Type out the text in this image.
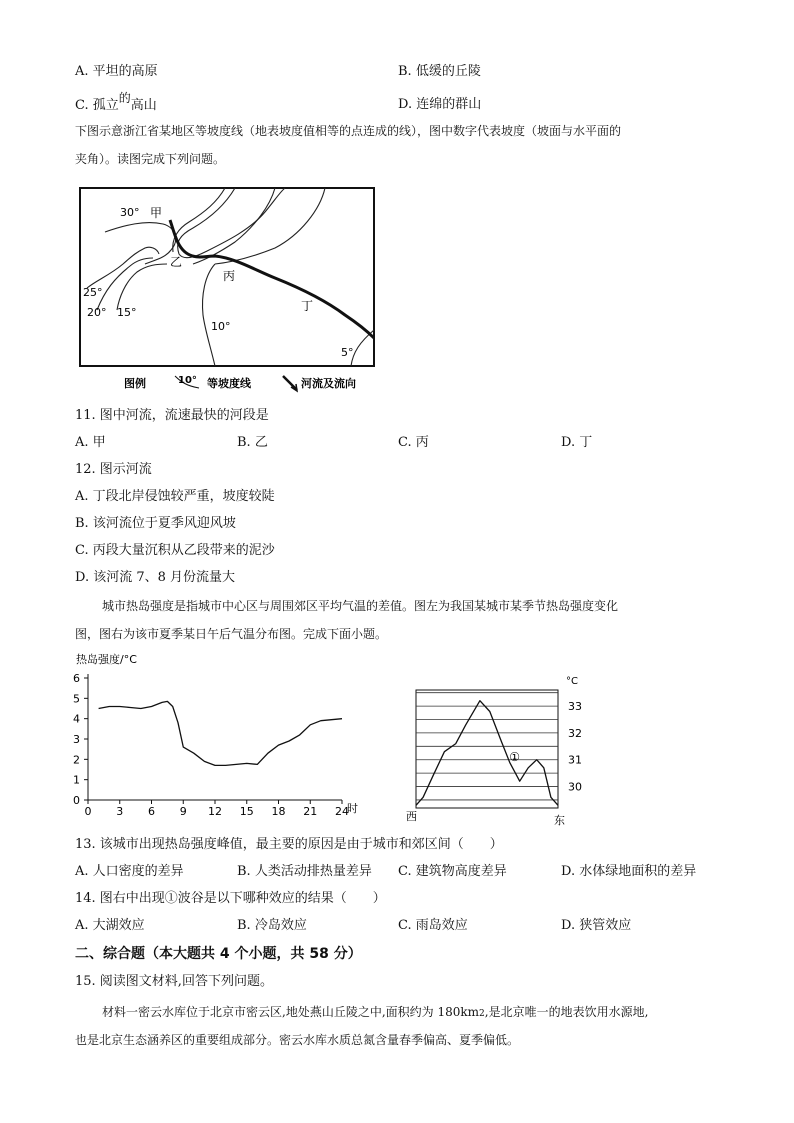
A. 平坦的高原	B. 低缓的丘陵
C. 孤立的高山	D. 连绵的群山
下图示意浙江省某地区等坡度线（地表坡度值相等的点连成的线），图中数字代表坡度（坡面与水平面的
夹角）。读图完成下列问题。
30° 甲
乙
丙
丁
25°
20° 15°
10°
5°
图例	10° 等坡度线	河流及流向
11. 图中河流，流速最快的河段是
A. 甲	B. 乙	C. 丙	D. 丁
12. 图示河流
A. 丁段北岸侵蚀较严重，坡度较陡
B. 该河流位于夏季风迎风坡
C. 丙段大量沉积从乙段带来的泥沙
D. 该河流 7、8 月份流量大
城市热岛强度是指城市中心区与周围郊区平均气温的差值。图左为我国某城市某季节热岛强度变化
图，图右为该市夏季某日午后气温分布图。完成下面小题。
热岛强度/°C
0 3 6 9 12 15 18 21 24
0
1
2
3
4
5
6
时
°C
30
31
32
33
①
西	东
13. 该城市出现热岛强度峰值，最主要的原因是由于城市和郊区间（　　）
A. 人口密度的差异	B. 人类活动排热量差异 C. 建筑物高度差异	D. 水体绿地面积的差异
14. 图右中出现①波谷是以下哪种效应的结果（　　）
A. 大湖效应	B. 冷岛效应	C. 雨岛效应	D. 狭管效应
二、综合题（本大题共 4 个小题，共 58 分）
15. 阅读图文材料,回答下列问题。
材料一密云水库位于北京市密云区,地处燕山丘陵之中,面积约为 180km2,是北京唯一的地表饮用水源地,
也是北京生态涵养区的重要组成部分。密云水库水质总氮含量春季偏高、夏季偏低。
